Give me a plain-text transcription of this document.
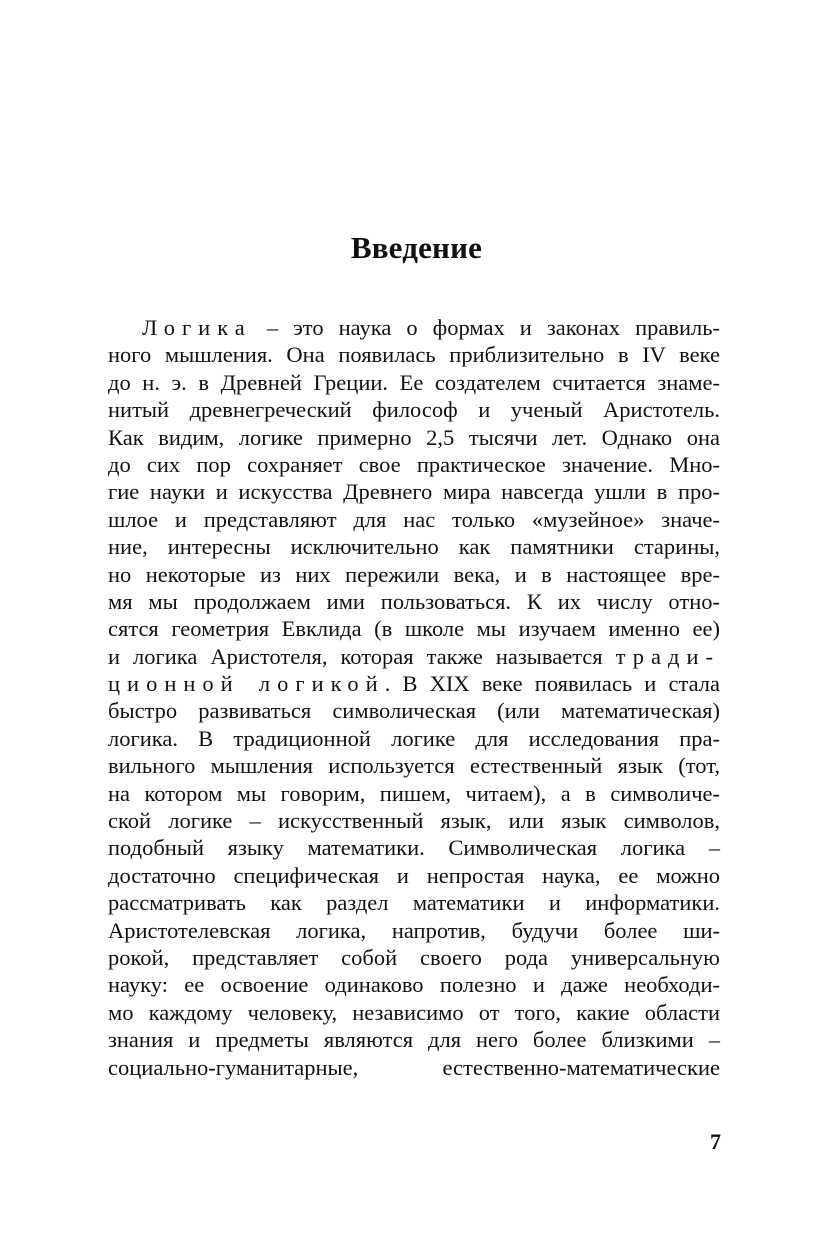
Введение
Логика – это наука о формах и законах правиль-
ного мышления. Она появилась приблизительно в IV веке
до н. э. в Древней Греции. Ее создателем считается знаме-
нитый древнегреческий философ и ученый Аристотель.
Как видим, логике примерно 2,5 тысячи лет. Однако она
до сих пор сохраняет свое практическое значение. Мно-
гие науки и искусства Древнего мира навсегда ушли в про-
шлое и представляют для нас только «музейное» значе-
ние, интересны исключительно как памятники старины,
но некоторые из них пережили века, и в настоящее вре-
мя мы продолжаем ими пользоваться. К их числу отно-
сятся геометрия Евклида (в школе мы изучаем именно ее)
и логика Аристотеля, которая также называется тради-
ционной логикой. В XIX веке появилась и стала
быстро развиваться символическая (или математическая)
логика. В традиционной логике для исследования пра-
вильного мышления используется естественный язык (тот,
на котором мы говорим, пишем, читаем), а в символиче-
ской логике – искусственный язык, или язык символов,
подобный языку математики. Символическая логика –
достаточно специфическая и непростая наука, ее можно
рассматривать как раздел математики и информатики.
Аристотелевская логика, напротив, будучи более ши-
рокой, представляет собой своего рода универсальную
науку: ее освоение одинаково полезно и даже необходи-
мо каждому человеку, независимо от того, какие области
знания и предметы являются для него более близкими –
социально-гуманитарные, естественно-математические
7
